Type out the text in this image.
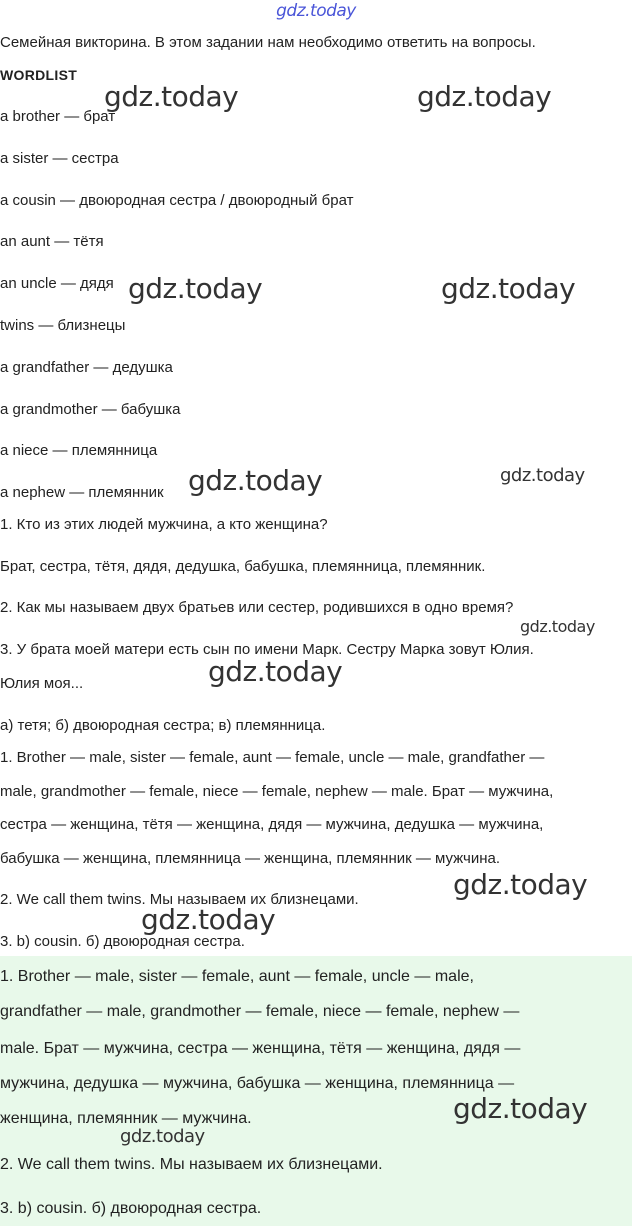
gdz.today
Семейная викторина. В этом задании нам необходимо ответить на вопросы.
WORDLIST
a brother — брат
a sister — сестра
a cousin — двоюродная сестра / двоюродный брат
an aunt — тётя
an uncle — дядя
twins — близнецы
a grandfather — дедушка
a grandmother — бабушка
a niece — племянница
a nephew — племянник
1. Кто из этих людей мужчина, а кто женщина?
Брат, сестра, тётя, дядя, дедушка, бабушка, племянница, племянник.
2. Как мы называем двух братьев или сестер, родившихся в одно время?
3. У брата моей матери есть сын по имени Марк. Сестру Марка зовут Юлия.
Юлия моя...
а) тетя; б) двоюродная сестра; в) племянница.
1. Brother — male, sister — female, aunt — female, uncle — male, grandfather —
male, grandmother — female, niece — female, nephew — male. Брат — мужчина,
сестра — женщина, тётя — женщина, дядя — мужчина, дедушка — мужчина,
бабушка — женщина, племянница — женщина, племянник — мужчина.
2. We call them twins. Мы называем их близнецами.
3. b) cousin. б) двоюродная сестра.
1. Brother — male, sister — female, aunt — female, uncle — male,
grandfather — male, grandmother — female, niece — female, nephew —
male. Брат — мужчина, сестра — женщина, тётя — женщина, дядя —
мужчина, дедушка — мужчина, бабушка — женщина, племянница —
женщина, племянник — мужчина.
2. We call them twins. Мы называем их близнецами.
3. b) cousin. б) двоюродная сестра.
gdz.today	gdz.today
gdz.today	gdz.today
gdz.today	gdz.today
gdz.today
gdz.today
gdz.today
gdz.today
gdz.today
gdz.today
